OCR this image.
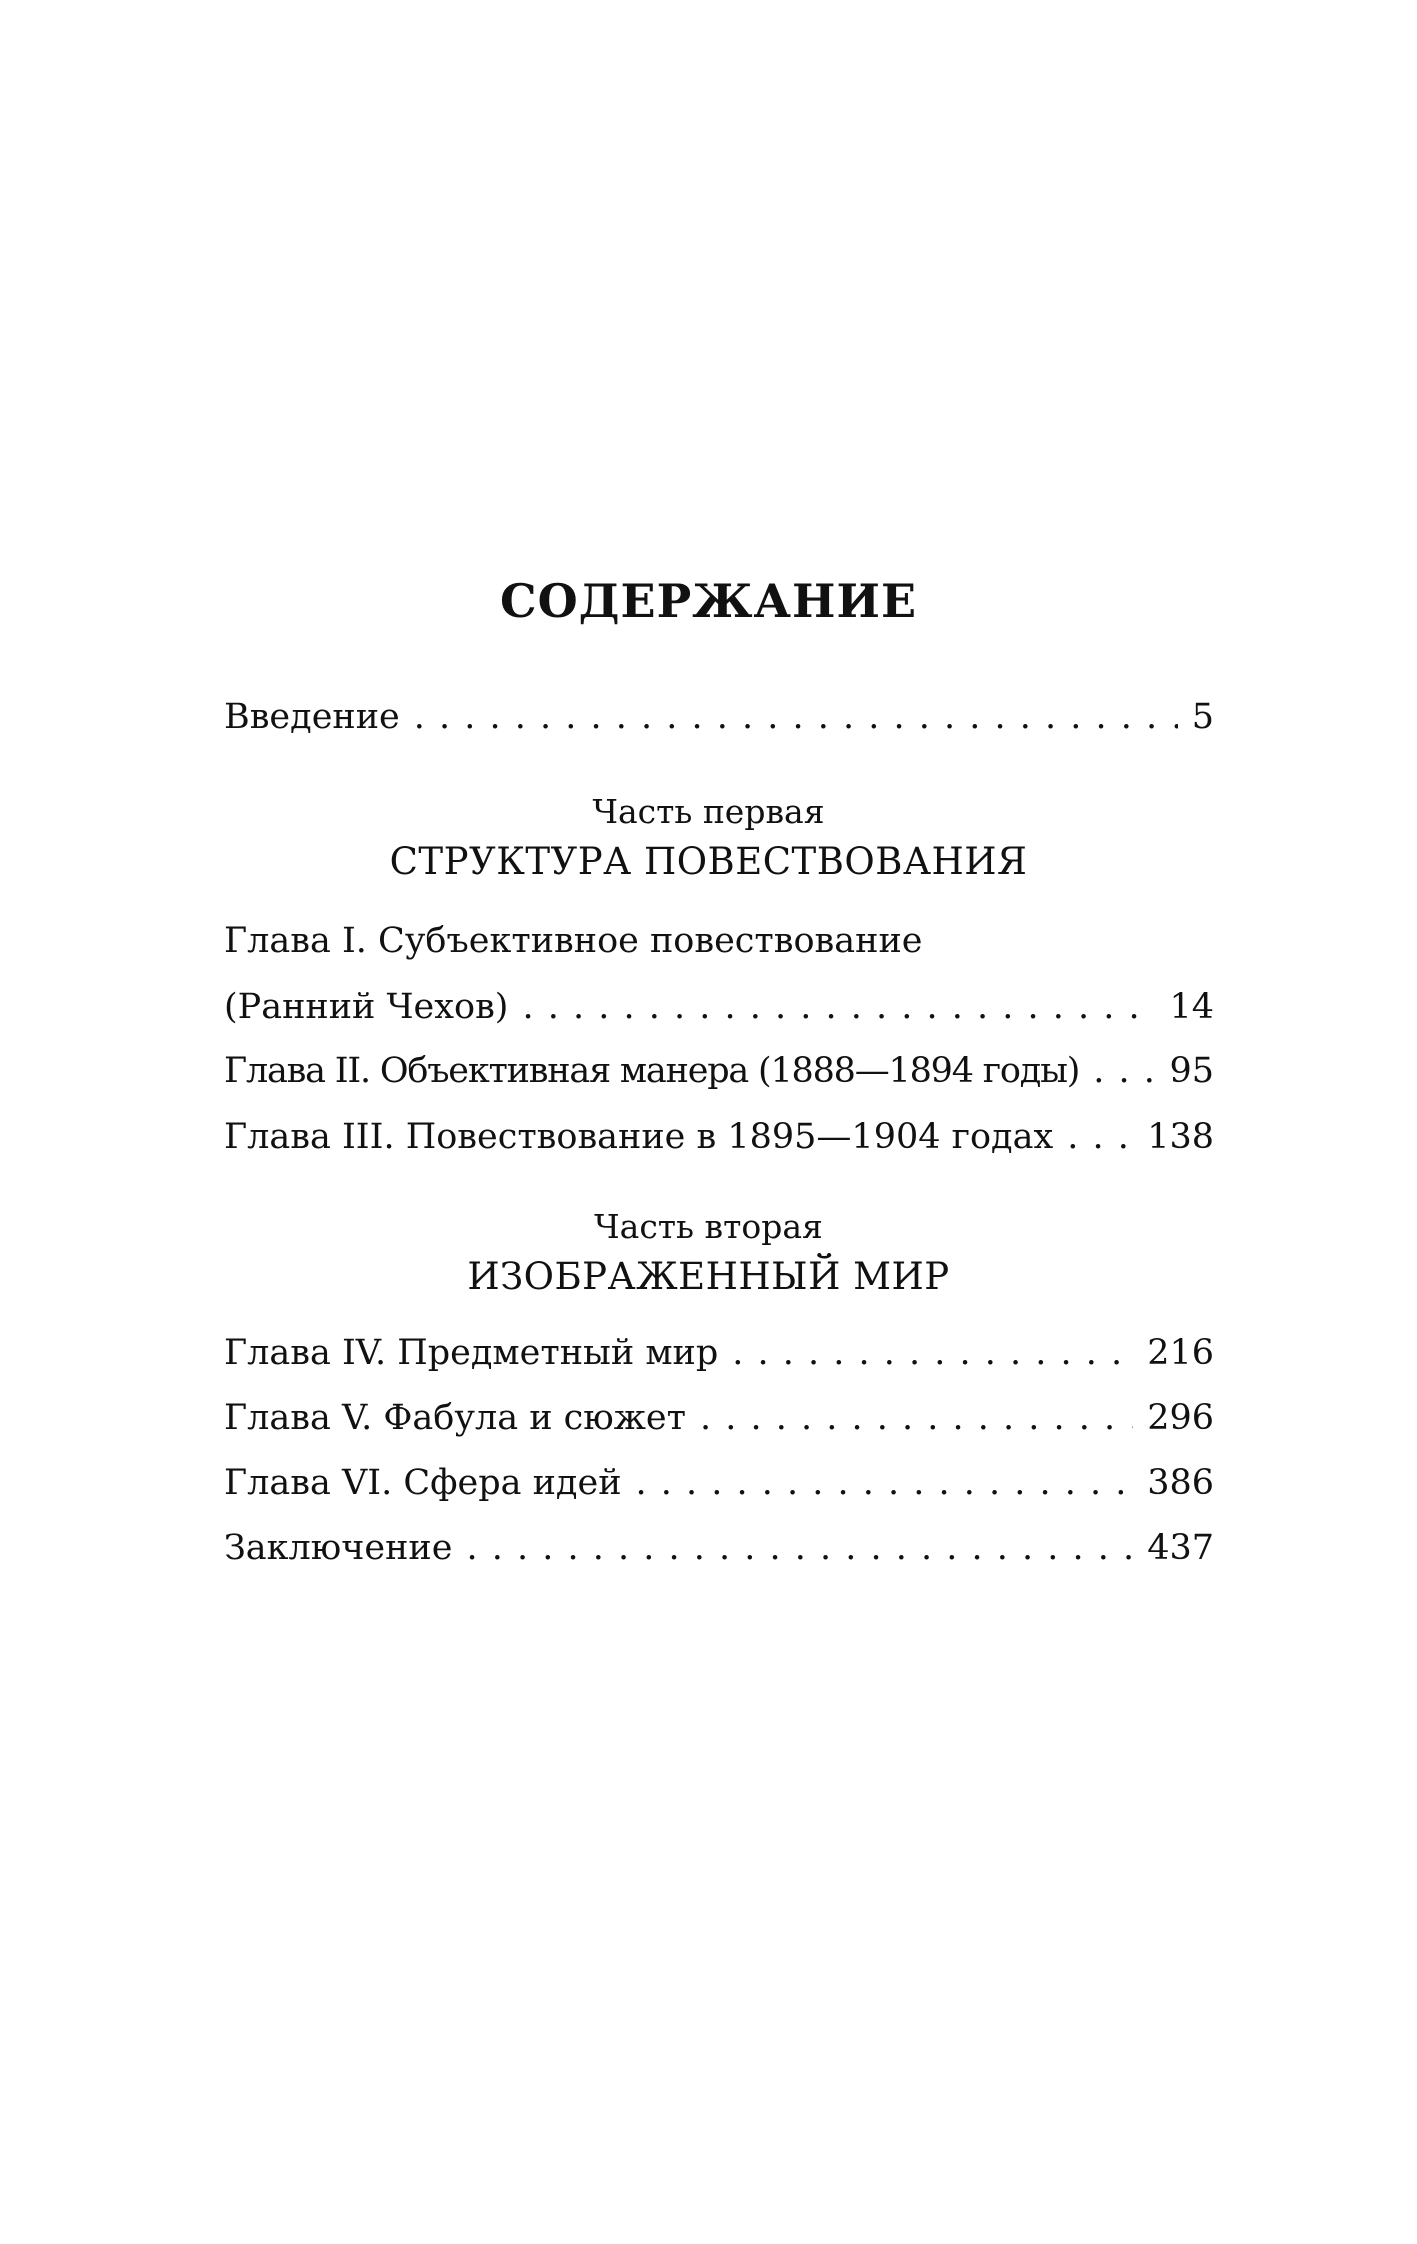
СОДЕРЖАНИЕ
Введение . . .	5
Часть первая
СТРУКТУРА ПОВЕСТВОВАНИЯ
Глава I. Субъективное повествование
(Ранний Чехов) . . .	14
Глава II. Объективная манера (1888—1894 годы) . . .	95
Глава III. Повествование в 1895—1904 годах . . .	138
Часть вторая
ИЗОБРАЖЕННЫЙ МИР
Глава IV. Предметный мир . . .	216
Глава V. Фабула и сюжет . . .	296
Глава VI. Сфера идей . . .	386
Заключение . . .	437
